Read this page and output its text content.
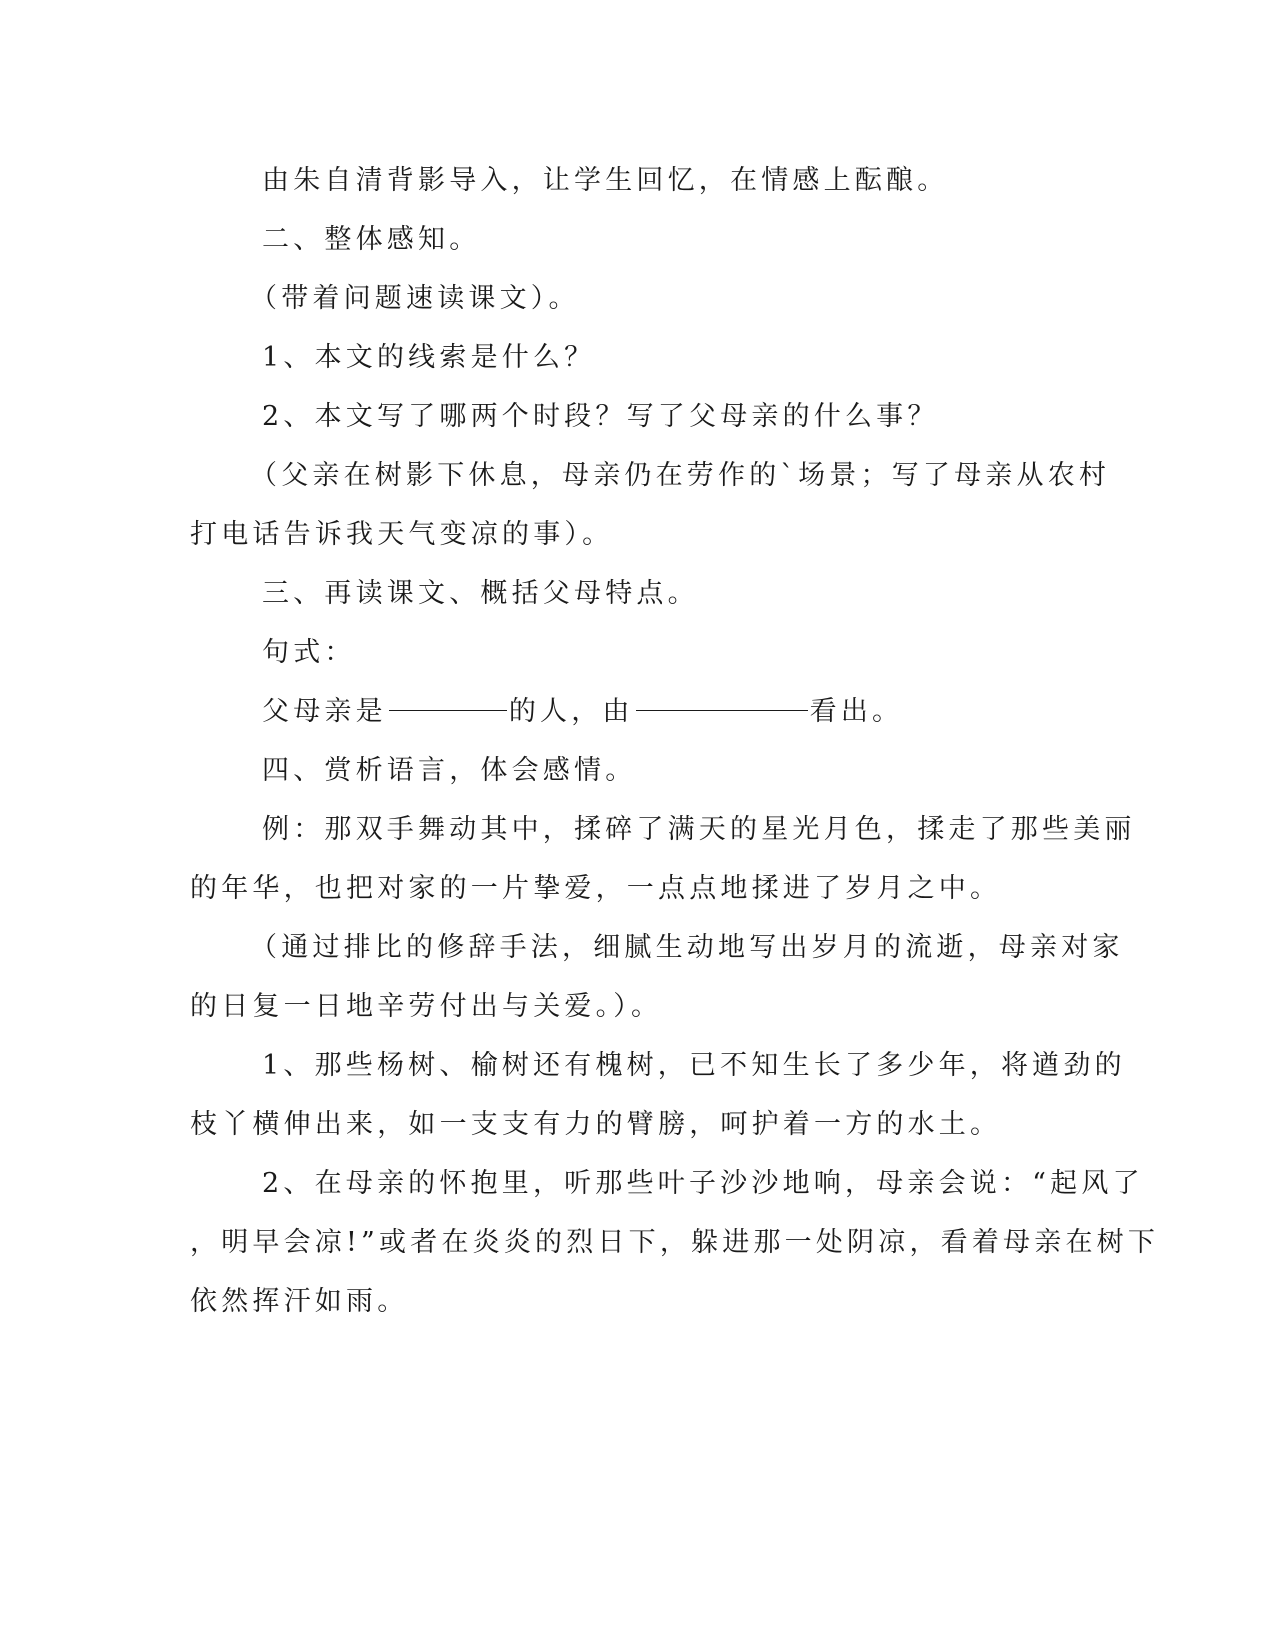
由朱自清背影导入，让学生回忆，在情感上酝酿。
二、整体感知。
（带着问题速读课文）。
1、本文的线索是什么？
2、本文写了哪两个时段？写了父母亲的什么事？
（父亲在树影下休息，母亲仍在劳作的`场景；写了母亲从农村
打电话告诉我天气变凉的事）。
三、再读课文、概括父母特点。
句式：
父母亲是	的人，由	看出。
四、赏析语言，体会感情。
例：那双手舞动其中，揉碎了满天的星光月色，揉走了那些美丽
的年华，也把对家的一片挚爱，一点点地揉进了岁月之中。
（通过排比的修辞手法，细腻生动地写出岁月的流逝，母亲对家
的日复一日地辛劳付出与关爱。）。
1、那些杨树、榆树还有槐树，已不知生长了多少年，将遒劲的
枝丫横伸出来，如一支支有力的臂膀，呵护着一方的水土。
2、在母亲的怀抱里，听那些叶子沙沙地响，母亲会说：“起风了
，明早会凉!”或者在炎炎的烈日下，躲进那一处阴凉，看着母亲在树下
依然挥汗如雨。
